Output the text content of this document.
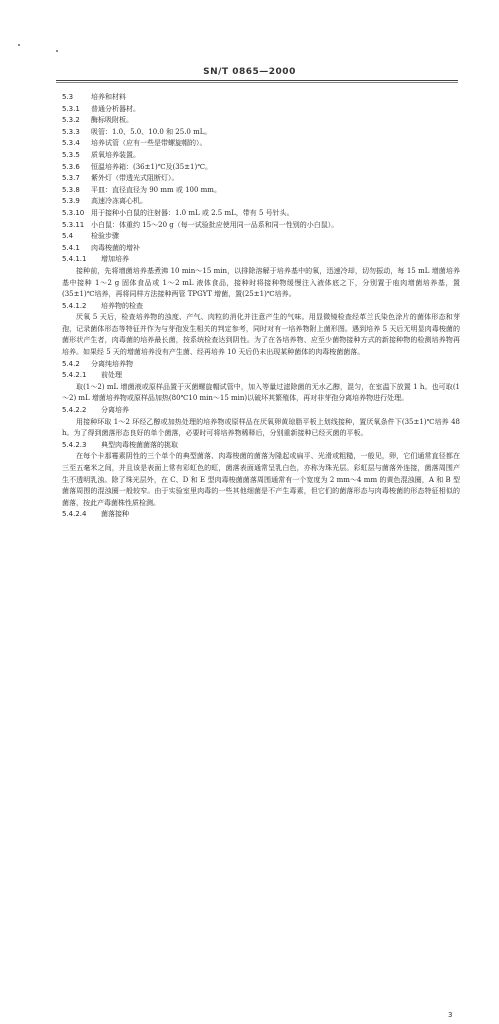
SN/T 0865—2000
5.3	培养和材料
5.3.1 普通分析器材。
5.3.2 酶标吸附板。
5.3.3 吸管：1.0、5.0、10.0 和 25.0 mL。
5.3.4 培养试管（应有一些是带螺旋帽的）。
5.3.5 质氧培养装置。
5.3.6 恒温培养箱：(36±1)℃及(35±1)℃。
5.3.7 紫外灯（带透光式阻断灯）。
5.3.8 平皿：直径直径为 90 mm 或 100 mm。
5.3.9 高速冷冻离心机。
5.3.10 用于接种小白鼠的注射器：1.0 mL 或 2.5 mL，带有 5 号针头。
5.3.11 小白鼠：体重约 15～20 g（每一试验批应使用同一品系和同一性别的小白鼠）。
5.4	检验步骤
5.4.1 肉毒梭菌的增补
5.4.1.1 增加培养
接种前，先将增菌培养基煮沸 10 min～15 min，以排除溶解于培养基中的氧，迅速冷却，切勿振动，每 15 mL 增菌培养基中接种 1～2 g 固体食品或 1～2 mL 液体食品，接种时将接种物缓慢注入液体底之下，分别置于庖肉增菌培养基，置(35±1)℃培养，再将同样方法接种两管 TPGYT 增菌，置(25±1)℃培养。
5.4.1.2 培养物的检查
厌氧 5 天后，检查培养物的浊度、产气、肉粒的消化并注意产生的气味。用显微镜检查经革兰氏染色涂片的菌体形态和芽孢，记录菌体形态等特征并作为与芽孢发生相关的判定参考，同时对有一培养物附上菌形图。遇到培养 5 天后无明显肉毒梭菌的菌形状产生者，肉毒菌的培养最长菌，按系统检查达到阴性。为了在各培养物、应至少菌物接种方式的新接种物的检测培养物再培养。如果经 5 天的增菌培养没有产生菌、经再培养 10 天后仍未出现某种菌体的肉毒梭菌菌落。
5.4.2 分离纯培养物
5.4.2.1 前处理
取(1～2) mL 增菌液或原样品置于灭菌螺旋帽试管中，加入等量过滤除菌的无水乙醇，混匀，在室温下放置 1 h。也可取(1～2) mL 增菌培养物或原样品加热(80℃10 min～15 min)以破坏其繁殖体，再对非芽孢分离培养物进行处理。
5.4.2.2 分离培养
用接种环取 1～2 环经乙醇或加热处理的培养物或原样品在厌氧卵黄琼脂平板上划线接种，置厌氧条件下(35±1)℃培养 48 h。为了得到菌落形态良好的单个菌落，必要时可将培养物稀释后，分别重新接种已经灭菌的平板。
5.4.2.3 典型肉毒梭菌菌落的挑取
在每个卡那霉素阴性的三个单个的典型菌落、肉毒梭菌的菌落为隆起或扁平、光滑或粗糙，一般见，卵，它们通常直径都在三至五毫米之间，并且该是表面上常有彩虹色的虹，菌落表面通常呈乳白色，亦称为珠光层。彩虹层与菌落外连接，菌落周围产生不透明乳浊。除了珠光层外，在 C、D 和 E 型肉毒梭菌菌落周围通常有一个宽度为 2 mm～4 mm 的黄色混浊圈，A 和 B 型菌落周围的混浊圈一般较窄。由于实验室里肉毒的一些其他细菌是不产生毒素，但它们的菌落形态与肉毒梭菌的形态特征相似的菌落，按此产毒菌株性质检测。
5.4.2.4 菌落接种
3
